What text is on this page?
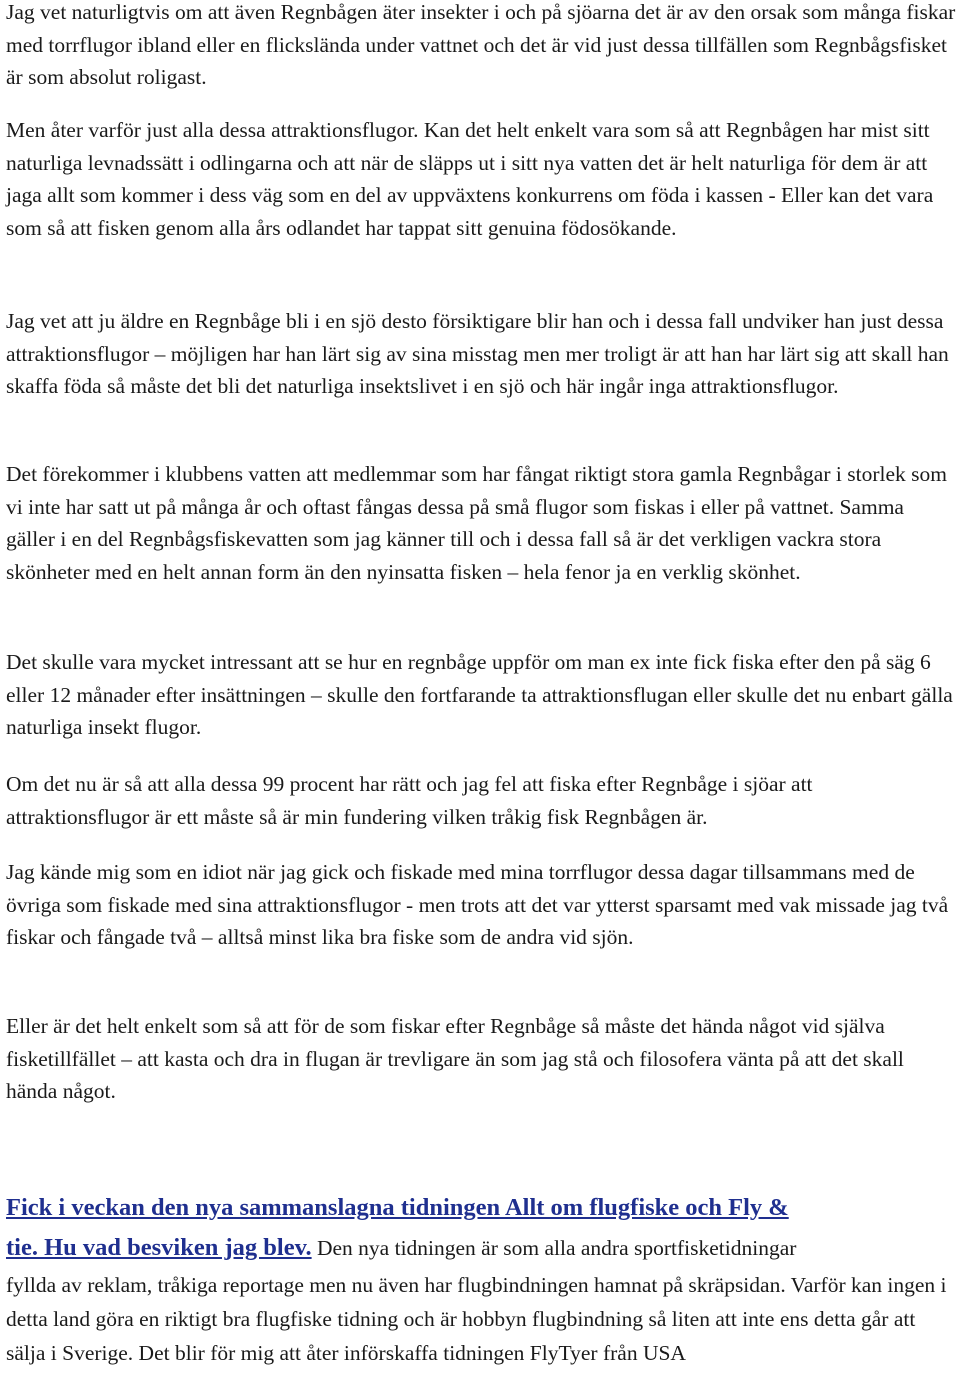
Jag vet naturligtvis om att även Regnbågen äter insekter i och på sjöarna det är av den orsak som många fiskar med torrflugor ibland eller en flickslända under vattnet och det är vid just dessa tillfällen som Regnbågsfisket är som absolut roligast.

Men åter varför just alla dessa attraktionsflugor. Kan det helt enkelt vara som så att Regnbågen har mist sitt naturliga levnadssätt i odlingarna och att när de släpps ut i sitt nya vatten det är helt naturliga för dem är att jaga allt som kommer i dess väg som en del av uppväxtens konkurrens om föda i kassen - Eller kan det vara som så att fisken genom alla års odlandet har tappat sitt genuina födosökande.

Jag vet att ju äldre en Regnbåge bli i en sjö desto försiktigare blir han och i dessa fall undviker han just dessa attraktionsflugor – möjligen har han lärt sig av sina misstag men mer troligt är att han har lärt sig att skall han skaffa föda så måste det bli det naturliga insektslivet i en sjö och här ingår inga attraktionsflugor.

Det förekommer i klubbens vatten att medlemmar som har fångat riktigt stora gamla Regnbågar i storlek som vi inte har satt ut på många år och oftast fångas dessa på små flugor som fiskas i eller på vattnet. Samma gäller i en del Regnbågsfiskevatten som jag känner till och i dessa fall så är det verkligen vackra stora skönheter med en helt annan form än den nyinsatta fisken – hela fenor ja en verklig skönhet.

Det skulle vara mycket intressant att se hur en regnbåge uppför om man ex inte fick fiska efter den på säg 6 eller 12 månader efter insättningen – skulle den fortfarande ta attraktionsflugan eller skulle det nu enbart gälla naturliga insekt flugor.

Om det nu är så att alla dessa 99 procent har rätt och jag fel att fiska efter Regnbåge i sjöar att attraktionsflugor är ett måste så är min fundering vilken tråkig fisk Regnbågen är.

Jag kände mig som en idiot när jag gick och fiskade med mina torrflugor dessa dagar tillsammans med de övriga som fiskade med sina attraktionsflugor - men trots att det var ytterst sparsamt med vak missade jag två fiskar och fångade två – alltså minst lika bra fiske som de andra vid sjön.

Eller är det helt enkelt som så att för de som fiskar efter Regnbåge så måste det hända något vid själva fisketillfället – att kasta och dra in flugan är trevligare än som jag stå och filosofera vänta på att det skall hända något.

Fick i veckan den nya sammanslagna tidningen Allt om flugfiske och Fly &
tie. Hu vad besviken jag blev. Den nya tidningen är som alla andra sportfisketidningar

fyllda av reklam, tråkiga reportage men nu även har flugbindningen hamnat på skräpsidan. Varför kan ingen i detta land göra en riktigt bra flugfiske tidning och är hobbyn flugbindning så liten att inte ens detta går att sälja i Sverige. Det blir för mig att åter införskaffa tidningen FlyTyer från USA
